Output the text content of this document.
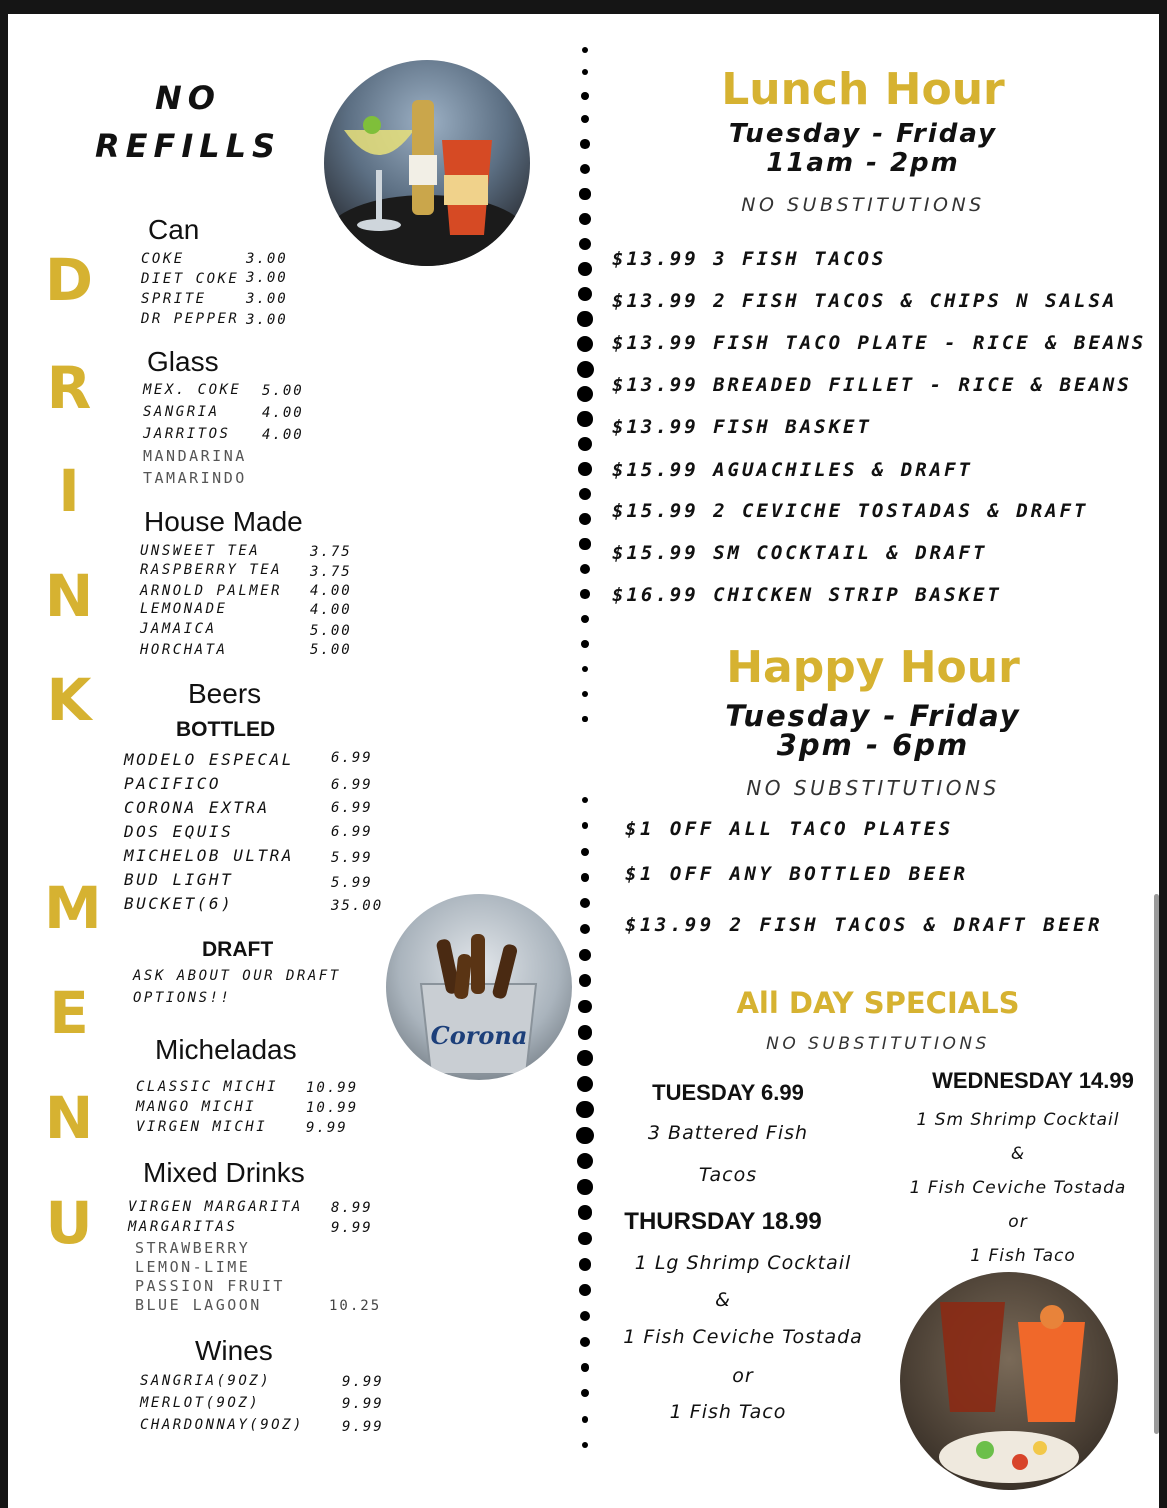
NO
REFILLS
D
R
I
N
K
M
E
N
U
Can
COKE	3.00
DIET COKE 3.00
SPRITE	3.00
DR PEPPER 3.00
Glass
MEX. COKE 5.00
SANGRIA	4.00
JARRITOS 4.00
MANDARINA
TAMARINDO
House Made
UNSWEET TEA	3.75
RASPBERRY TEA 3.75
ARNOLD PALMER 4.00
LEMONADE	4.00
JAMAICA	5.00
HORCHATA	5.00
Beers
BOTTLED
MODELO ESPECAL	6.99
PACIFICO	6.99
CORONA EXTRA	6.99
DOS EQUIS	6.99
MICHELOB ULTRA	5.99
BUD LIGHT	5.99
BUCKET(6)	35.00
DRAFT
ASK ABOUT OUR DRAFT
OPTIONS!!
Corona
Micheladas
CLASSIC MICHI 10.99
MANGO MICHI	10.99
VIRGEN MICHI	9.99
Mixed Drinks
VIRGEN MARGARITA 8.99
MARGARITAS	9.99
STRAWBERRY
LEMON-LIME
PASSION FRUIT
BLUE LAGOON	10.25
Wines
SANGRIA(9OZ)	9.99
MERLOT(9OZ)	9.99
CHARDONNAY(9OZ)	9.99
Lunch Hour
Tuesday - Friday
11am - 2pm
NO SUBSTITUTIONS
$13.99 3 FISH TACOS
$13.99 2 FISH TACOS & CHIPS N SALSA
$13.99 FISH TACO PLATE - RICE & BEANS
$13.99 BREADED FILLET - RICE & BEANS
$13.99 FISH BASKET
$15.99 AGUACHILES & DRAFT
$15.99 2 CEVICHE TOSTADAS & DRAFT
$15.99 SM COCKTAIL & DRAFT
$16.99 CHICKEN STRIP BASKET
Happy Hour
Tuesday - Friday
3pm - 6pm
NO SUBSTITUTIONS
$1 OFF ALL TACO PLATES
$1 OFF ANY BOTTLED BEER
$13.99 2 FISH TACOS & DRAFT BEER
All DAY SPECIALS
NO SUBSTITUTIONS
TUESDAY 6.99
3 Battered Fish
Tacos
THURSDAY 18.99
1 Lg Shrimp Cocktail
&
1 Fish Ceviche Tostada
or
1 Fish Taco
WEDNESDAY 14.99
1 Sm Shrimp Cocktail
&
1 Fish Ceviche Tostada
or
1 Fish Taco
